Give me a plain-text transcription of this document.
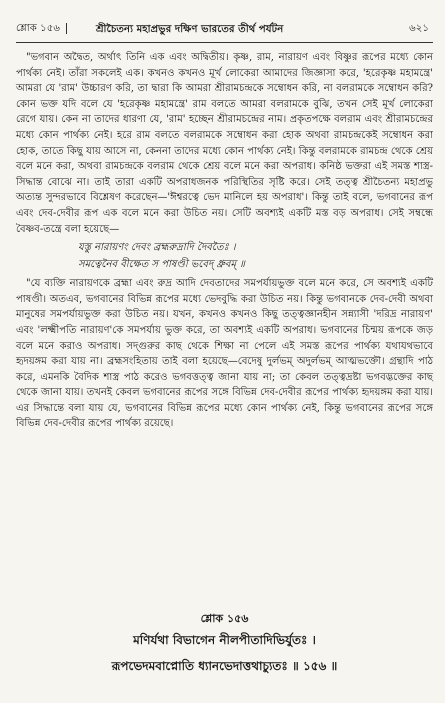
শ্লোক ১৫৬	শ্রীচৈতন্য মহাপ্রভুর দক্ষিণ ভারতের তীর্থ পর্যটন	৬২১

"ভগবান অদ্বৈত, অর্থাৎ তিনি এক এবং অদ্বিতীয়। কৃষ্ণ, রাম, নারায়ণ এবং বিষ্ণুর রূপের মধ্যে কোন পার্থক্য নেই। তাঁরা সকলেই এক। কখনও কখনও মূর্খ লোকেরা আমাদের জিজ্ঞাসা করে, 'হরেকৃষ্ণ মহামন্ত্রে' আমরা যে 'রাম' উচ্চারণ করি, তা দ্বারা কি আমরা শ্রীরামচন্দ্রকে সম্বোধন করি, না বলরামকে সম্বোধন করি? কোন ভক্ত যদি বলে যে 'হরেকৃষ্ণ মহামন্ত্রে' রাম বলতে আমরা বলরামকে বুঝি, তখন সেই মূর্খ লোকেরা রেগে যায়। কেন না তাদের ধারণা যে, 'রাম' হচ্ছেন শ্রীরামচন্দ্রের নাম। প্রকৃতপক্ষে বলরাম এবং শ্রীরামচন্দ্রের মধ্যে কোন পার্থক্য নেই। হরে রাম বলতে বলরামকে সম্বোধন করা হোক অথবা রামচন্দ্রকেই সম্বোধন করা হোক, তাতে কিছু যায় আসে না, কেননা তাদের মধ্যে কোন পার্থক্য নেই। কিন্তু বলরামকে রামচন্দ্র থেকে শ্রেয় বলে মনে করা, অথবা রামচন্দ্রকে বলরাম থেকে শ্রেয় বলে মনে করা অপরাধ। কনিষ্ঠ ভক্তরা এই সমস্ত শাস্ত্র-সিদ্ধান্ত বোঝে না। তাই তারা একটি অপরাধজনক পরিস্থিতির সৃষ্টি করে। সেই তত্ত্ব শ্রীচৈতন্য মহাপ্রভু অত্যন্ত সুন্দরভাবে বিশ্লেষণ করেছেন—'ঈশ্বরত্বে ভেদ মানিলে হয় অপরাধ'। কিন্তু তাই বলে, ভগবানের রূপ এবং দেব-দেবীর রূপ এক বলে মনে করা উচিত নয়। সেটি অবশ্যই একটি মস্ত বড় অপরাধ। সেই সম্বন্ধে বৈষ্ণব-তন্ত্রে বলা হয়েছে—

যস্তু নারায়ণং দেবং ব্রহ্মরুদ্রাদি দৈবতৈঃ ।
সমত্বেনৈব বীক্ষেত স পাষণ্ডী ভবেদ্ ধ্রুবম্ ॥

"যে ব্যক্তি নারায়ণকে ব্রহ্মা এবং রুদ্র আদি দেবতাদের সমপর্যায়ভুক্ত বলে মনে করে, সে অবশ্যই একটি পাষণ্ডী। অতএব, ভগবানের বিভিন্ন রূপের মধ্যে ভেদবুদ্ধি করা উচিত নয়। কিন্তু ভগবানকে দেব-দেবী অথবা মানুষের সমপর্যায়ভুক্ত করা উচিত নয়। যখন, কখনও কখনও কিছু তত্ত্বজ্ঞানহীন সন্ন্যাসী 'দরিদ্র নারায়ণ' এবং 'লক্ষ্মীপতি নারায়ণ'কে সমপর্যায় ভুক্ত করে, তা অবশ্যই একটি অপরাধ। ভগবানের চিন্ময় রূপকে জড় বলে মনে করাও অপরাধ। সদ্গুরুর কাছ থেকে শিক্ষা না পেলে এই সমস্ত রূপের পার্থক্য যথাযথভাবে হৃদয়ঙ্গম করা যায় না। ব্রহ্মসংহিতায় তাই বলা হয়েছে—বেদেষু দুর্লভম্ অদুর্লভম্ আত্মভক্তৌ। গ্রন্থাদি পাঠ করে, এমনকি বৈদিক শাস্ত্র পাঠ করেও ভগবত্তত্ত্ব জানা যায় না; তা কেবল তত্ত্বদ্রষ্টা ভগবদ্ভক্তের কাছ থেকে জানা যায়। তখনই কেবল ভগবানের রূপের সঙ্গে বিভিন্ন দেব-দেবীর রূপের পার্থক্য হৃদয়ঙ্গম করা যায়। এর সিদ্ধান্তে বলা যায় যে, ভগবানের বিভিন্ন রূপের মধ্যে কোন পার্থক্য নেই, কিন্তু ভগবানের রূপের সঙ্গে বিভিন্ন দেব-দেবীর রূপের পার্থক্য রয়েছে।

শ্লোক ১৫৬
মণির্যথা বিভাগেন নীলপীতাদিভির্যুতঃ ।
রূপভেদমবাপ্নোতি ধ্যানভেদাত্তথাচ্যুতঃ ॥ ১৫৬ ॥
